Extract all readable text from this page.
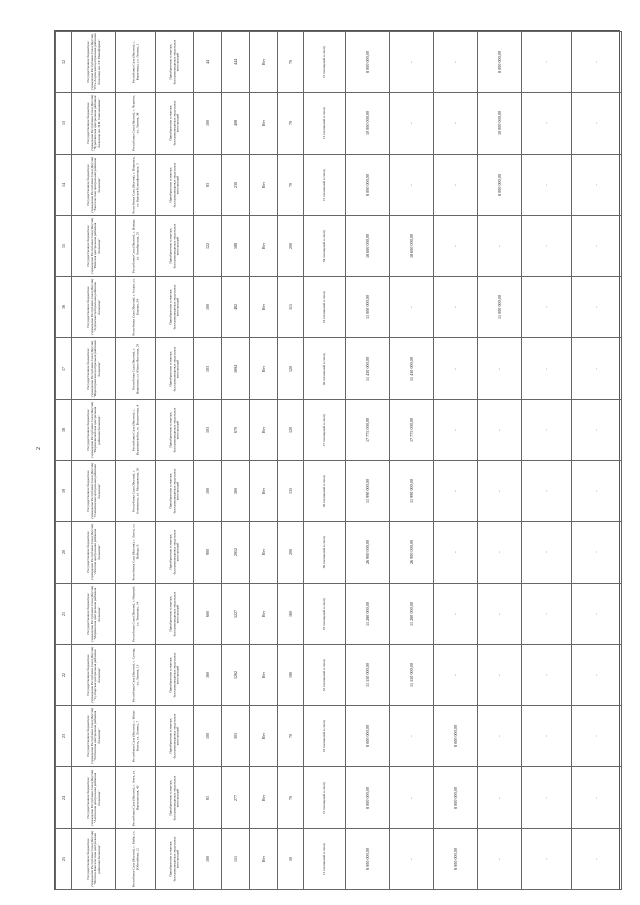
2
12	Государственное бюджетное учреждение Республики Саха (Якутия) "Усть-Алданская центральная районная больница им. Г.Г. Никифорова"	Республика Саха (Якутия), с. Борогонцы, ул. Ленина, 2	Приобретение и монтаж быстровозводимых модульных конструкций	44	444	Нет	70	15 посещений в смену	8 000 000,00	-	-	8 000 000,00	-	-

13	Государственное бюджетное учреждение Республики Саха (Якутия) "Чурапчинская центральная районная больница им. П.Н. Сокольникова"	Республика Саха (Якутия), с. Чурапча, ул. Ленина, 34	Приобретение и монтаж быстровозводимых модульных конструкций	100	408	Нет	70	15 посещений в смену	10 000 000,00	-	-	10 000 000,00	-	-

14	Государственное бюджетное учреждение Республики Саха (Якутия) "Хангаласская центральная районная больница"	Республика Саха (Якутия), г. Покровск, ул. Братьев Ксенофонтовых, 5	Приобретение и монтаж быстровозводимых модульных конструкций	83	230	Нет	70	15 посещений в смену	8 000 000,00	-	-	8 000 000,00	-	-

15	Государственное бюджетное учреждение Республики Саха (Якутия) "Намская центральная районная больница"	Республика Саха (Якутия), с. Намцы, ул. Октябрьская, 25	Приобретение и монтаж быстровозводимых модульных конструкций	122	588	Нет	200	54 посещений в смену	18 600 000,00	18 600 000,00	-	-	-	-

16	Государственное бюджетное учреждение Республики Саха (Якутия) "Алданская центральная районная больница"	Республика Саха (Якутия), г. Алдан, ул. Кирова, 34	Приобретение и монтаж быстровозводимых модульных конструкций	100	482	Нет	115	18 посещений в смену	11 000 000,00	-	-	11 000 000,00	-	-

17	Государственное бюджетное учреждение Республики Саха (Якутия) "Нерюнгринская центральная районная больница"	Республика Саха (Якутия), г. Нерюнгри, ул. Южно-Якутская, 29	Приобретение и монтаж быстровозводимых модульных конструкций	103	1694	Нет	120	30 посещений в смену	11 430 000,00	11 430 000,00	-	-	-	-

18	Государственное бюджетное учреждение Республики Саха (Якутия) "Верхневилюйская центральная районная больница"	Республика Саха (Якутия), с. Верхневилюйск, ул. Больничная, 4	Приобретение и монтаж быстровозводимых модульных конструкций	103	670	Нет	120	27 посещений в смену	17 775 000,00	17 775 000,00	-	-	-	-

19	Государственное бюджетное учреждение Республики Саха (Якутия) "Олекминская центральная районная больница"	Республика Саха (Якутия), г. Олекминск, ул. Молодежная, 26	Приобретение и монтаж быстровозводимых модульных конструкций	100	560	Нет	135	30 посещений в смену	11 990 000,00	11 990 000,00	-	-	-	-

20	Государственное бюджетное учреждение Республики Саха (Якутия) "Ленская центральная районная больница"	Республика Саха (Якутия), г. Ленск, ул. Победы, 8	Приобретение и монтаж быстровозводимых модульных конструкций	900	2952	Нет	200	60 посещений в смену	26 900 000,00	26 900 000,00	-	-	-	-

21	Государственное бюджетное учреждение Республики Саха (Якутия) "Мирнинская центральная районная больница"	Республика Саха (Якутия), г. Мирный, ул. Тихонова, 14	Приобретение и монтаж быстровозводимых модульных конструкций	600	5227	Нет	160	35 посещений в смену	11 280 000,00	11 280 000,00	-	-	-	-

22	Государственное бюджетное учреждение Республики Саха (Якутия) "Сунтарская центральная районная больница"	Республика Саха (Якутия), с. Сунтар, ул. Ленина, 13	Приобретение и монтаж быстровозводимых модульных конструкций	160	1262	Нет	190	52 посещений в смену	11 550 000,00	11 550 000,00	-	-	-	-

23	Государственное бюджетное учреждение Республики Саха (Якутия) "Таттинская центральная районная больница"	Республика Саха (Якутия), с. Ытык-Кюель, ул. Ленина, 7	Приобретение и монтаж быстровозводимых модульных конструкций	100	303	Нет	70	10 посещений в смену	8 000 000,00	-	8 000 000,00	-	-	-

24	Государственное бюджетное учреждение Республики Саха (Якутия) "Амгинская центральная районная больница"	Республика Саха (Якутия), с. Амга, ул. Партизанская, 43	Приобретение и монтаж быстровозводимых модульных конструкций	81	277	Нет	70	15 посещений в смену	8 000 000,00	-	8 000 000,00	-	-	-

25	Государственное бюджетное учреждение Республики Саха (Якутия) "Мегино-Кангаласская центральная районная больница"	Республика Саха (Якутия), с. Майя, ул. Юбилейная, 12	Приобретение и монтаж быстровозводимых модульных конструкций	100	151	Нет	50	15 посещений в смену	8 000 000,00	-	8 000 000,00	-	-	-
